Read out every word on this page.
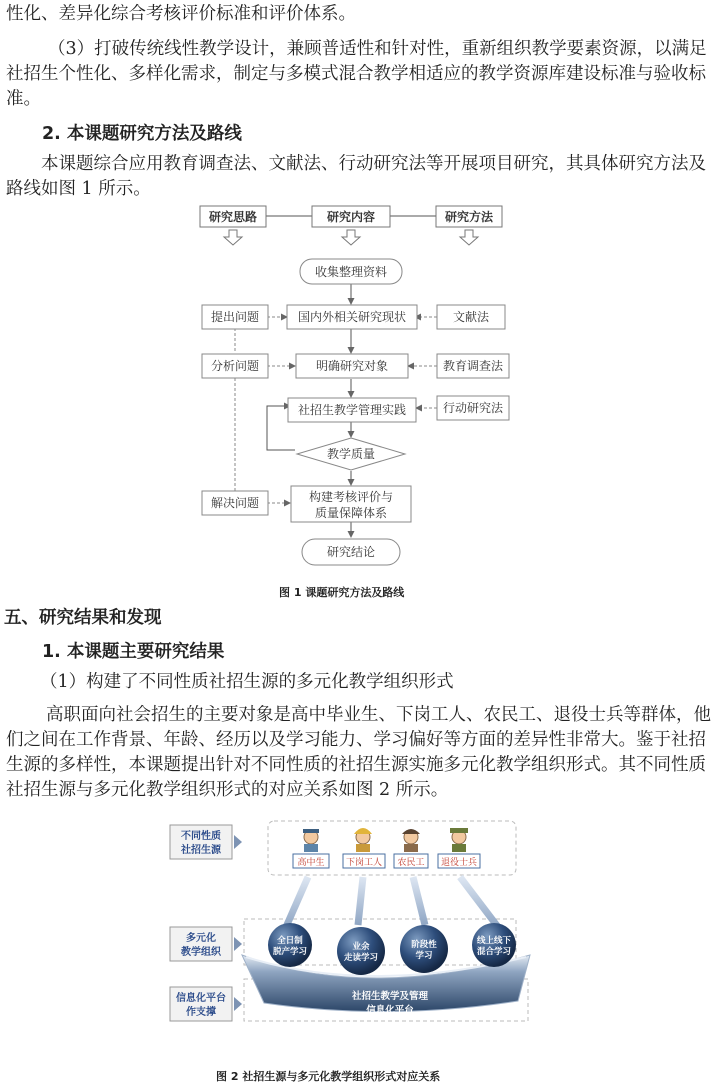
性化、差异化综合考核评价标准和评价体系。

（3）打破传统线性教学设计，兼顾普适性和针对性，重新组织教学要素资源，以满足社招生个性化、多样化需求，制定与多模式混合教学相适应的教学资源库建设标准与验收标准。

2. 本课题研究方法及路线

本课题综合应用教育调查法、文献法、行动研究法等开展项目研究，其具体研究方法及路线如图 1 所示。

研究思路	研究内容	研究方法
收集整理资料
国内外相关研究现状
明确研究对象
社招生教学管理实践
教学质量
构建考核评价与
质量保障体系
研究结论
提出问题
分析问题
解决问题
文献法
教育调查法
行动研究法
图 1 课题研究方法及路线

五、研究结果和发现

1. 本课题主要研究结果

（1）构建了不同性质社招生源的多元化教学组织形式

高职面向社会招生的主要对象是高中毕业生、下岗工人、农民工、退役士兵等群体，他们之间在工作背景、年龄、经历以及学习能力、学习偏好等方面的差异性非常大。鉴于社招生源的多样性，本课题提出针对不同性质的社招生源实施多元化教学组织形式。其不同性质社招生源与多元化教学组织形式的对应关系如图 2 所示。

不同性质
社招生源
多元化
教学组织
信息化平台
作支撑
社招生教学及管理
信息化平台
全日制
脱产学习	业余
走读学习
阶段性
学习
线上线下
混合学习
高中生 下岗工人 农民工 退役士兵
图 2 社招生源与多元化教学组织形式对应关系
